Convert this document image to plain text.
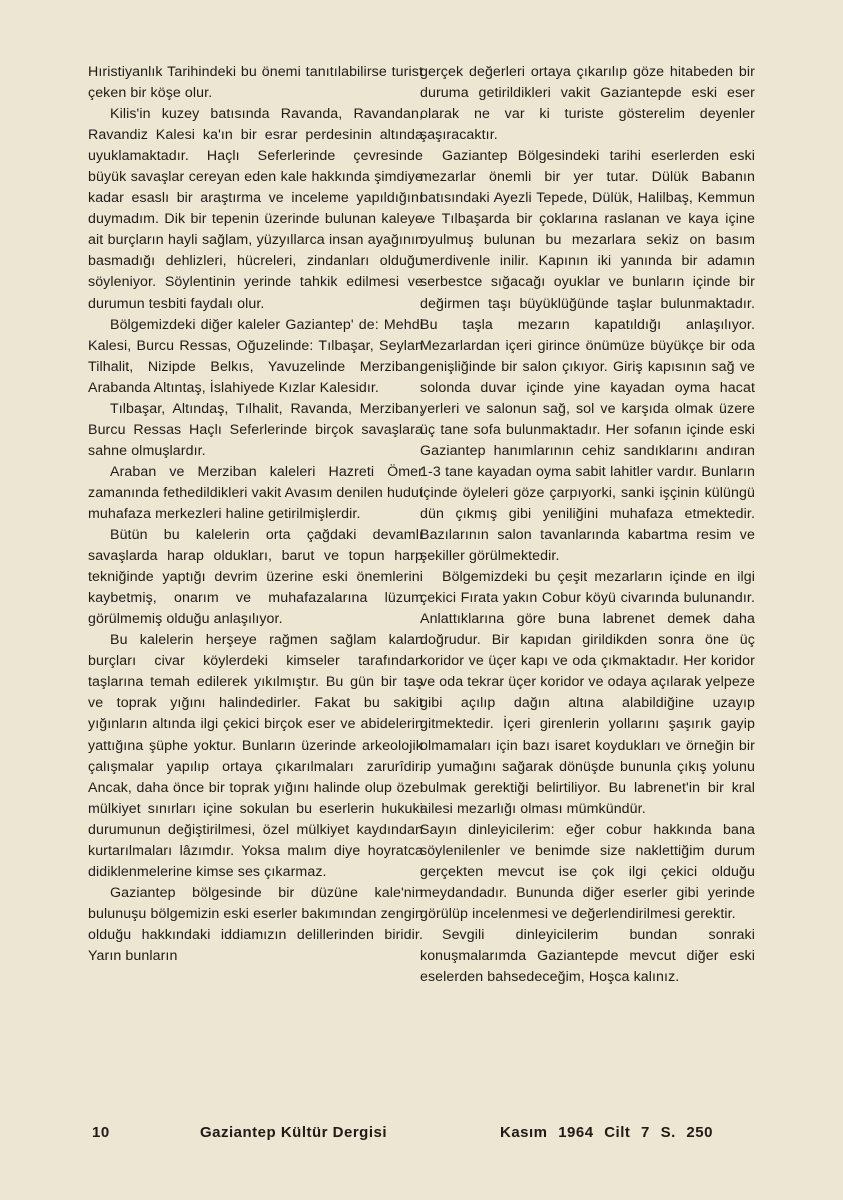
Hıristiyanlık Tarihindeki bu önemi tanıtılabilirse turist çeken bir köşe olur.

Kilis'in kuzey batısında Ravanda, Ravandan, Ravandiz Kalesi ka'ın bir esrar perdesinin altında uyuklamaktadır. Haçlı Seferlerinde çevresinde büyük savaşlar cereyan eden kale hakkında şimdiye kadar esaslı bir araştırma ve inceleme yapıldığını duymadım. Dik bir tepenin üzerinde bulunan kaleye ait burçların hayli sağlam, yüzyıllarca insan ayağının basmadığı dehlizleri, hücreleri, zindanları olduğu söyleniyor. Söylentinin yerinde tahkik edilmesi ve durumun tesbiti faydalı olur.

Bölgemizdeki diğer kaleler Gaziantep' de: Mehdi Kalesi, Burcu Ressas, Oğuzelinde: Tılbaşar, Seylan Tilhalit, Nizipde Belkıs, Yavuzelinde Merziban, Arabanda Altıntaş, İslahiyede Kızlar Kalesidır.

Tılbaşar, Altındaş, Tılhalit, Ravanda, Merziban, Burcu Ressas Haçlı Seferlerinde birçok savaşlara sahne olmuşlardır.

Araban ve Merziban kaleleri Hazreti Ömer zamanında fethedildikleri vakit Avasım denilen hudut muhafaza merkezleri haline getirilmişlerdir.

Bütün bu kalelerin orta çağdaki devamlı savaşlarda harap oldukları, barut ve topun harp tekniğinde yaptığı devrim üzerine eski önemlerini kaybetmiş, onarım ve muhafazalarına lüzum görülmemiş olduğu anlaşılıyor.

Bu kalelerin herşeye rağmen sağlam kalan burçları civar köylerdeki kimseler tarafından taşlarına temah edilerek yıkılmıştır. Bu gün bir taş ve toprak yığını halindedirler. Fakat bu sakit yığınların altında ilgi çekici birçok eser ve abidelerin yattığına şüphe yoktur. Bunların üzerinde arkeolojik çalışmalar yapılıp ortaya çıkarılmaları zarurîdir. Ancak, daha önce bir toprak yığını halinde olup özel mülkiyet sınırları içine sokulan bu eserlerin hukuki durumunun değiştirilmesi, özel mülkiyet kaydından kurtarılmaları lâzımdır. Yoksa malım diye hoyratca didiklenmelerine kimse ses çıkarmaz.

Gaziantep bölgesinde bir düzüne kale'nin bulunuşu bölgemizin eski eserler bakımından zengin olduğu hakkındaki iddiamızın delillerinden biridir. Yarın bunların

gerçek değerleri ortaya çıkarılıp göze hitabeden bir duruma getirildikleri vakit Gaziantepde eski eser olarak ne var ki turiste gösterelim deyenler şaşıracaktır.

Gaziantep Bölgesindeki tarihi eserlerden eski mezarlar önemli bir yer tutar. Dülük Babanın batısındaki Ayezli Tepede, Dülük, Halilbaş, Kemmun ve Tılbaşarda bir çoklarına raslanan ve kaya içine oyulmuş bulunan bu mezarlara sekiz on basım merdivenle inilir. Kapının iki yanında bir adamın serbestce sığacağı oyuklar ve bunların içinde bir değirmen taşı büyüklüğünde taşlar bulunmaktadır. Bu taşla mezarın kapatıldığı anlaşılıyor. Mezarlardan içeri girince önümüze büyükçe bir oda genişliğinde bir salon çıkıyor. Giriş kapısının sağ ve solonda duvar içinde yine kayadan oyma hacat yerleri ve salonun sağ, sol ve karşıda olmak üzere üç tane sofa bulunmaktadır. Her sofanın içinde eski Gaziantep hanımlarının cehiz sandıklarını andıran 1-3 tane kayadan oyma sabit lahitler vardır. Bunların içinde öyleleri göze çarpıyorki, sanki işçinin külüngü dün çıkmış gibi yeniliğini muhafaza etmektedir. Bazılarının salon tavanlarında kabartma resim ve şekiller görülmektedir.

Bölgemizdeki bu çeşit mezarların içinde en ilgi çekici Fırata yakın Cobur köyü civarında bulunandır. Anlattıklarına göre buna labrenet demek daha doğrudur. Bir kapıdan girildikden sonra öne üç koridor ve üçer kapı ve oda çıkmaktadır. Her koridor ve oda tekrar üçer koridor ve odaya açılarak yelpeze gibi açılıp dağın altına alabildiğine uzayıp gitmektedir. İçeri girenlerin yollarını şaşırık gayip olmamaları için bazı isaret koydukları ve örneğin bir ip yumağını sağarak dönüşde bununla çıkış yolunu bulmak gerektiği belirtiliyor. Bu labrenet'in bir kral ailesi mezarlığı olması mümkündür.

Sayın dinleyicilerim: eğer cobur hakkında bana söylenilenler ve benimde size naklettiğim durum gerçekten mevcut ise çok ilgi çekici olduğu meydandadır. Bununda diğer eserler gibi yerinde görülüp incelenmesi ve değerlendirilmesi gerektir.

Sevgili dinleyicilerim bundan sonraki konuşmalarımda Gaziantepde mevcut diğer eski eselerden bahsedeceğim, Hoşca kalınız.

10	Gaziantep Kültür Dergisi	Kasım 1964 Cilt 7 S. 250
